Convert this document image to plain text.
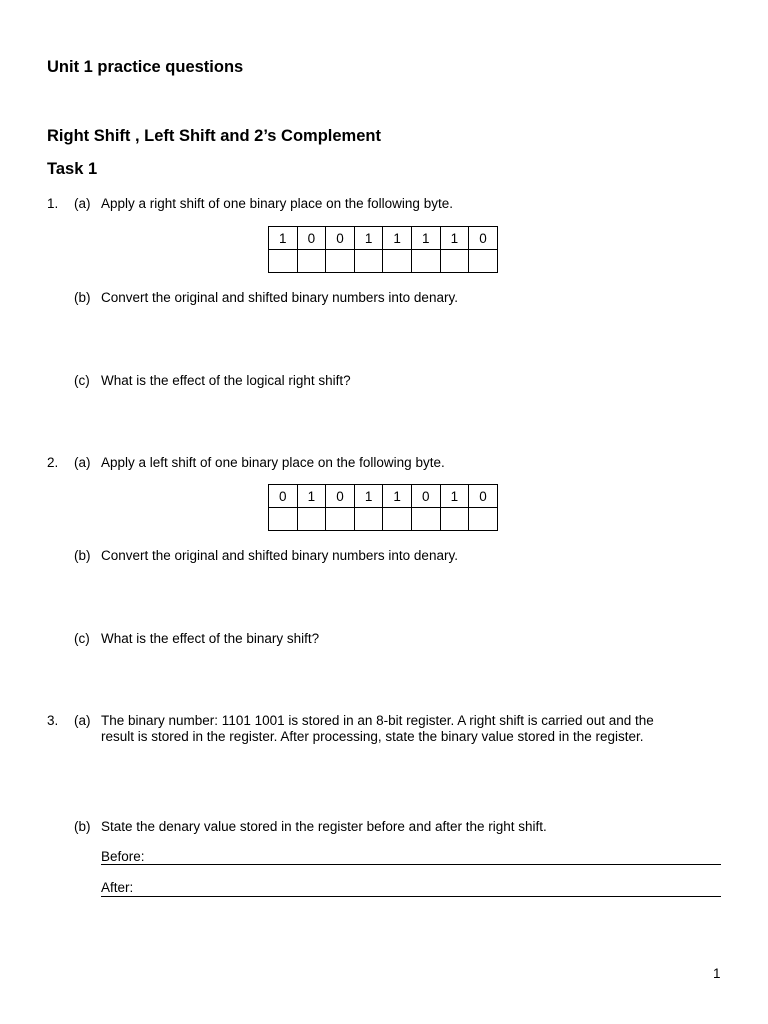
Unit 1 practice questions
Right Shift , Left Shift and 2’s Complement
Task 1
1. (a) Apply a right shift of one binary place on the following byte.
1	0	0	1	1	1	1	0

(b) Convert the original and shifted binary numbers into denary.
(c) What is the effect of the logical right shift?
2. (a) Apply a left shift of one binary place on the following byte.
0	1	0	1	1	0	1	0

(b) Convert the original and shifted binary numbers into denary.
(c) What is the effect of the binary shift?
3. (a) The binary number: 1101 1001 is stored in an 8-bit register. A right shift is carried out and the
result is stored in the register. After processing, state the binary value stored in the register.
(b) State the denary value stored in the register before and after the right shift.
Before:
After:
1
